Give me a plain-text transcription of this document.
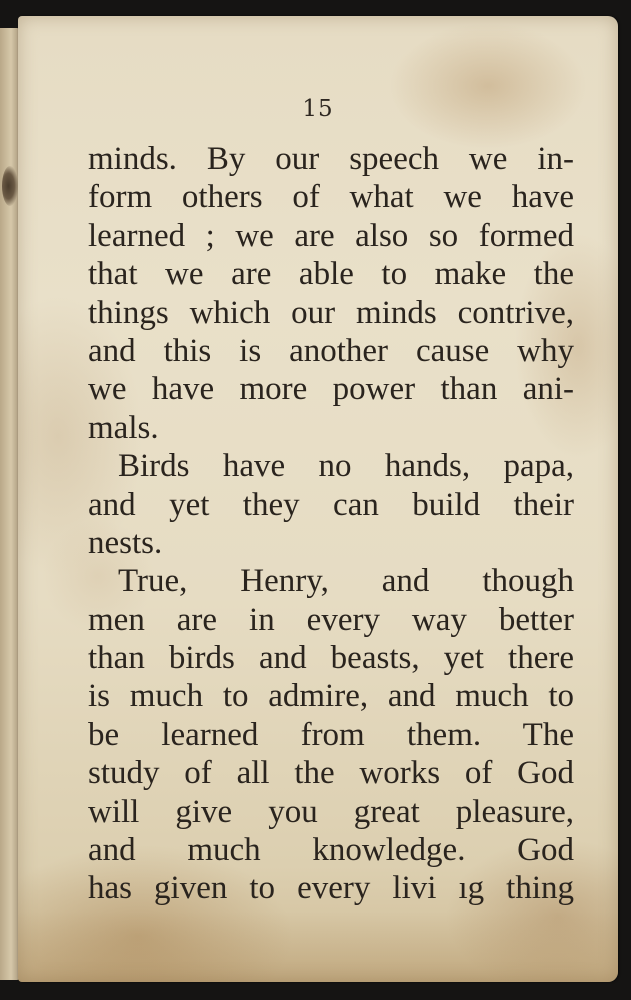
15
minds. By our speech we in-
form others of what we have
learned ; we are also so formed
that we are able to make the
things which our minds contrive,
and this is another cause why
we have more power than ani-
mals.
Birds have no hands, papa,
and yet they can build their
nests.
True, Henry, and though
men are in every way better
than birds and beasts, yet there
is much to admire, and much to
be learned from them. The
study of all the works of God
will give you great pleasure,
and much knowledge. God
has given to every livi ıg thing
